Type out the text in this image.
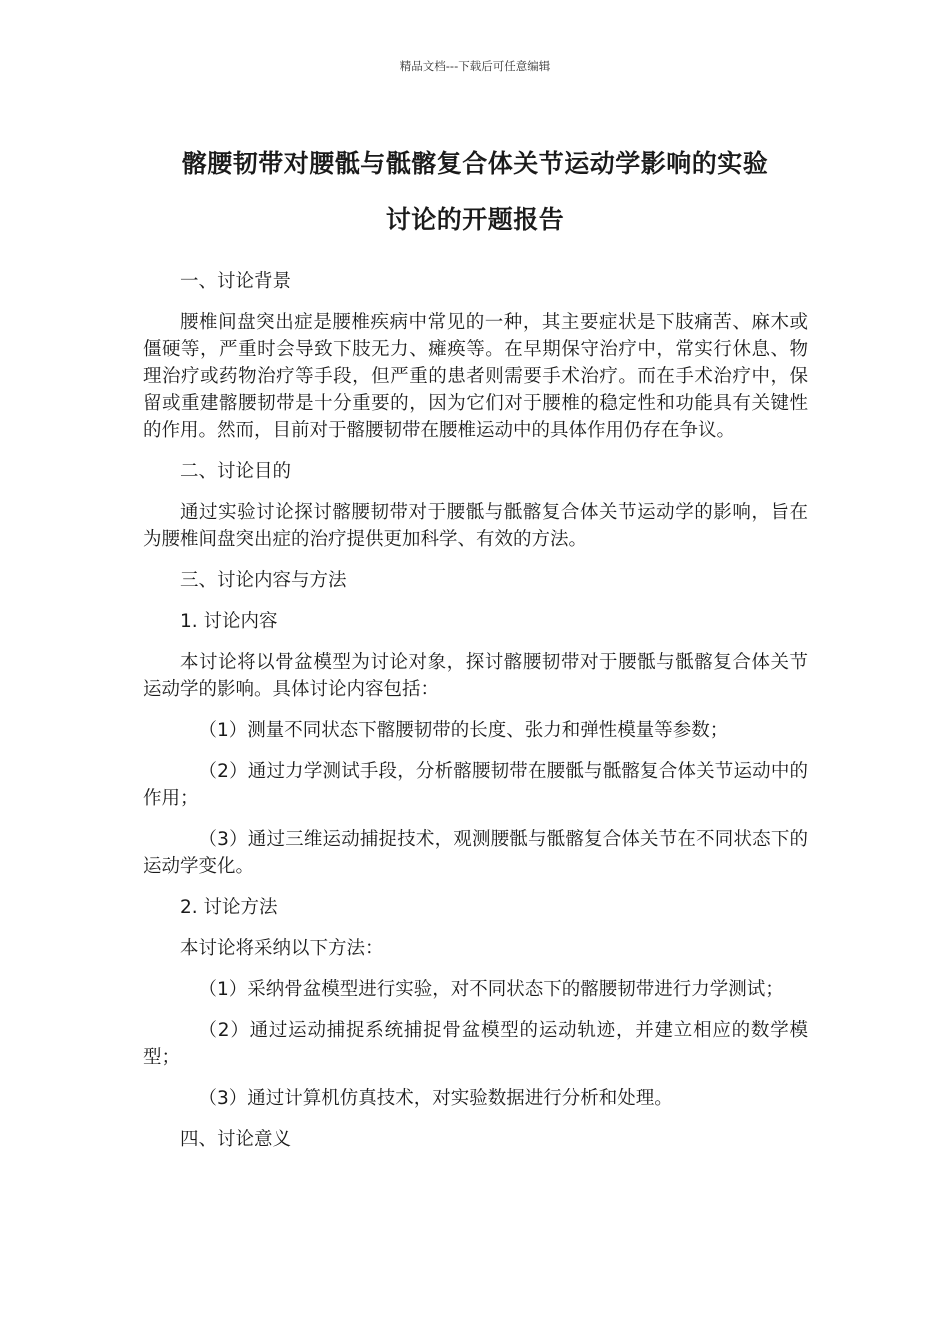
精品文档---下载后可任意编辑
髂腰韧带对腰骶与骶髂复合体关节运动学影响的实验
讨论的开题报告

一、讨论背景

腰椎间盘突出症是腰椎疾病中常见的一种，其主要症状是下肢痛苦、麻木或僵硬等，严重时会导致下肢无力、瘫痪等。在早期保守治疗中，常实行休息、物理治疗或药物治疗等手段，但严重的患者则需要手术治疗。而在手术治疗中，保留或重建髂腰韧带是十分重要的，因为它们对于腰椎的稳定性和功能具有关键性的作用。然而，目前对于髂腰韧带在腰椎运动中的具体作用仍存在争议。

二、讨论目的

通过实验讨论探讨髂腰韧带对于腰骶与骶髂复合体关节运动学的影响，旨在为腰椎间盘突出症的治疗提供更加科学、有效的方法。

三、讨论内容与方法

1. 讨论内容

本讨论将以骨盆模型为讨论对象，探讨髂腰韧带对于腰骶与骶髂复合体关节运动学的影响。具体讨论内容包括：

（1）测量不同状态下髂腰韧带的长度、张力和弹性模量等参数；

（2）通过力学测试手段，分析髂腰韧带在腰骶与骶髂复合体关节运动中的作用；

（3）通过三维运动捕捉技术，观测腰骶与骶髂复合体关节在不同状态下的运动学变化。

2. 讨论方法

本讨论将采纳以下方法：

（1）采纳骨盆模型进行实验，对不同状态下的髂腰韧带进行力学测试；

（2）通过运动捕捉系统捕捉骨盆模型的运动轨迹，并建立相应的数学模型；

（3）通过计算机仿真技术，对实验数据进行分析和处理。

四、讨论意义
